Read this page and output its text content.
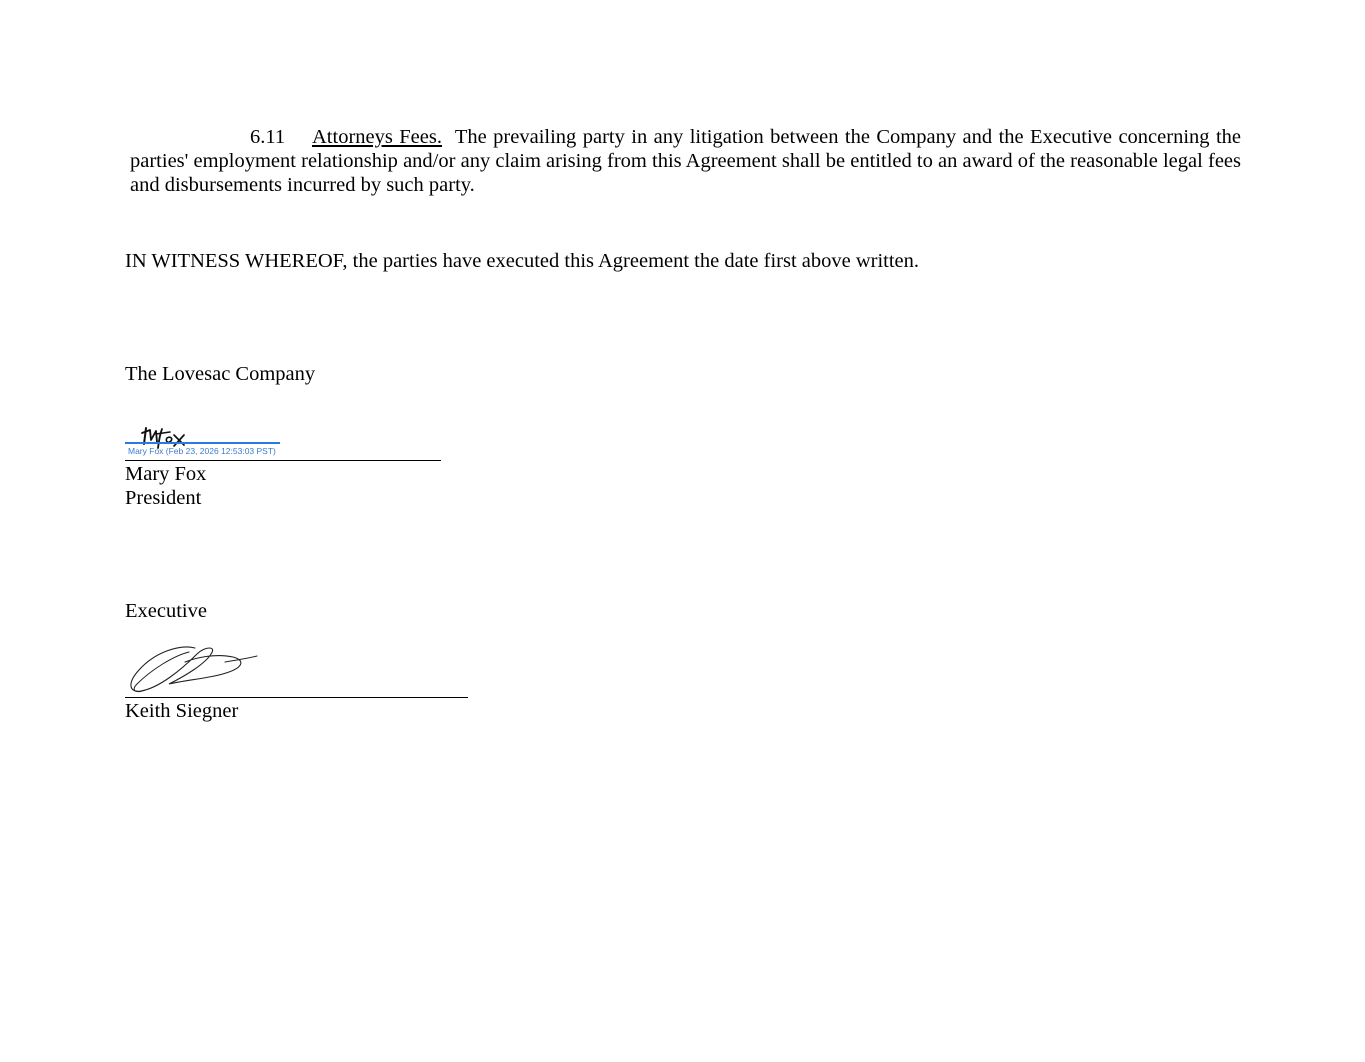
6.11 Attorneys Fees. The prevailing party in any litigation between the Company and the Executive concerning the parties' employment relationship and/or any claim arising from this Agreement shall be entitled to an award of the reasonable legal fees and disbursements incurred by such party.

IN WITNESS WHEREOF, the parties have executed this Agreement the date first above written.
The Lovesac Company
Mary Fox (Feb 23, 2026 12:53:03 PST)
Mary Fox
President
Executive
Keith Siegner
